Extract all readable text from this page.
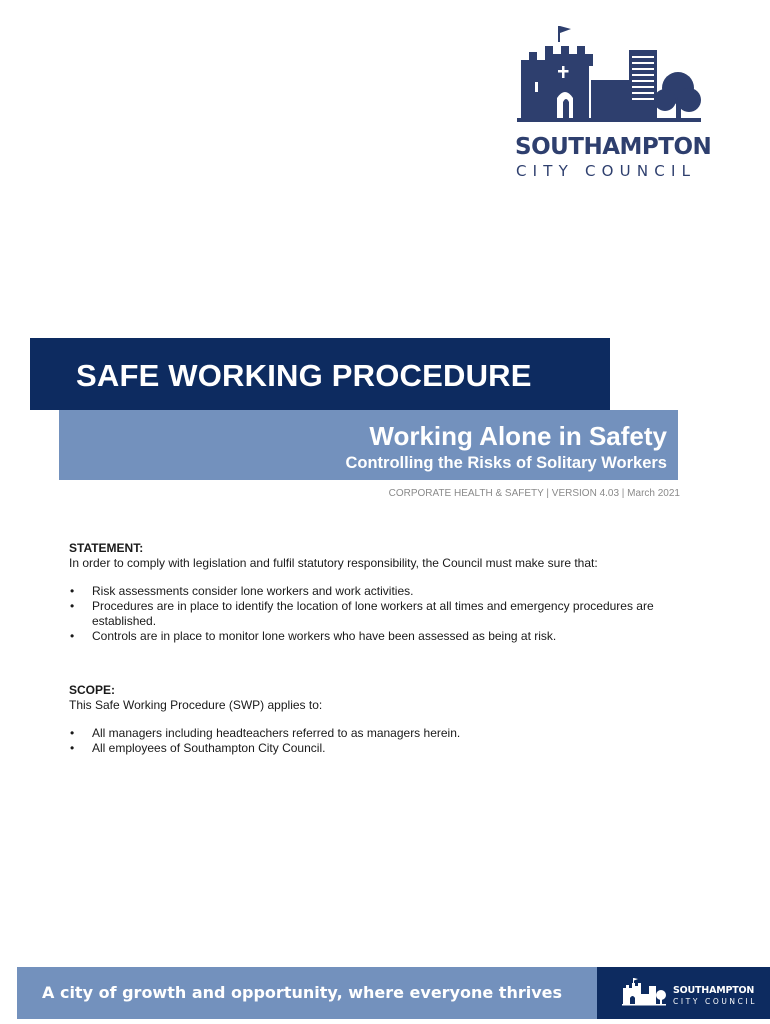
SOUTHAMPTON
CITY COUNCIL
SAFE WORKING PROCEDURE
Working Alone in Safety
Controlling the Risks of Solitary Workers
CORPORATE HEALTH & SAFETY | VERSION 4.03 | March 2021
STATEMENT:

In order to comply with legislation and fulfil statutory responsibility, the Council must make sure that:

• Risk assessments consider lone workers and work activities.
• Procedures are in place to identify the location of lone workers at all times and emergency procedures are established.
• Controls are in place to monitor lone workers who have been assessed as being at risk.
SCOPE:

This Safe Working Procedure (SWP) applies to:

• All managers including headteachers referred to as managers herein.
• All employees of Southampton City Council.
A city of growth and opportunity, where everyone thrives	SOUTHAMPTON
CITY COUNCIL
